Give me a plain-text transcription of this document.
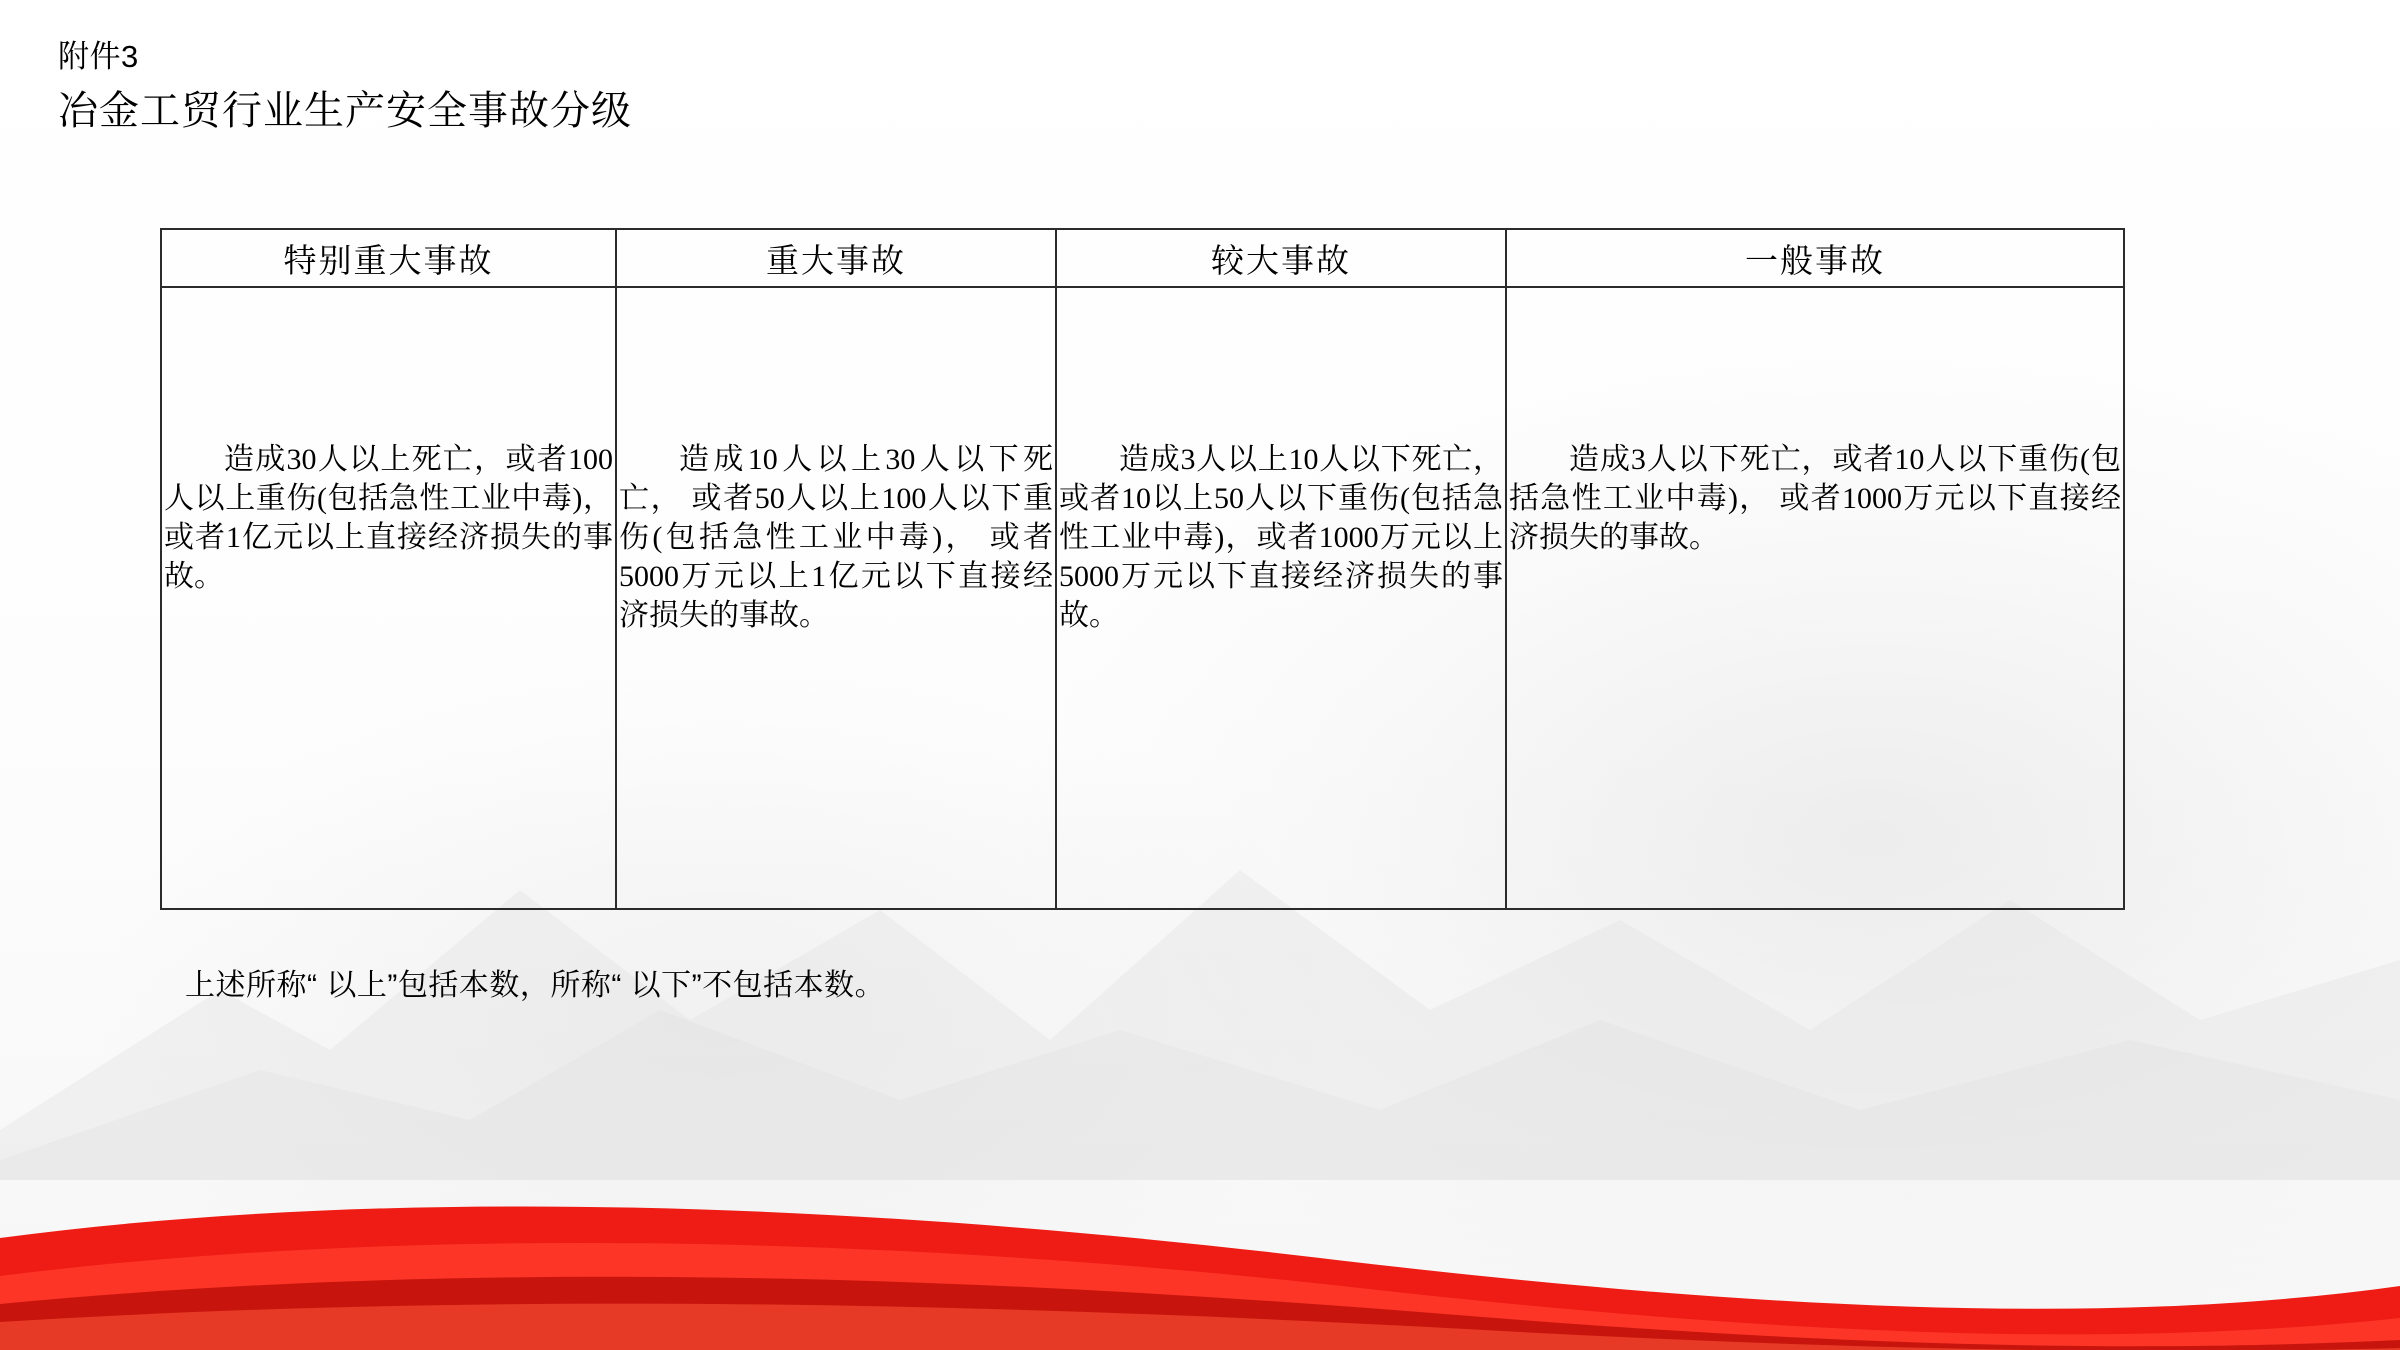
附件3
冶金工贸行业生产安全事故分级
特别重大事故	重大事故	较大事故	一般事故

造成30人以上死亡，或者100人以上重伤(包括急性工业中毒)， 或者1亿元以上直接经济损失的事故。	造成10人以上30人以下死亡， 或者50人以上100人以下重伤(包括急性工业中毒)， 或者5000万元以上1亿元以下直接经济损失的事故。	造成3人以上10人以下死亡， 或者10以上50人以下重伤(包括急性工业中毒)，或者1000万元以上5000万元以下直接经济损失的事故。	造成3人以下死亡，或者10人以下重伤(包括急性工业中毒)， 或者1000万元以下直接经济损失的事故。
上述所称“ 以上”包括本数，所称“ 以下”不包括本数。
